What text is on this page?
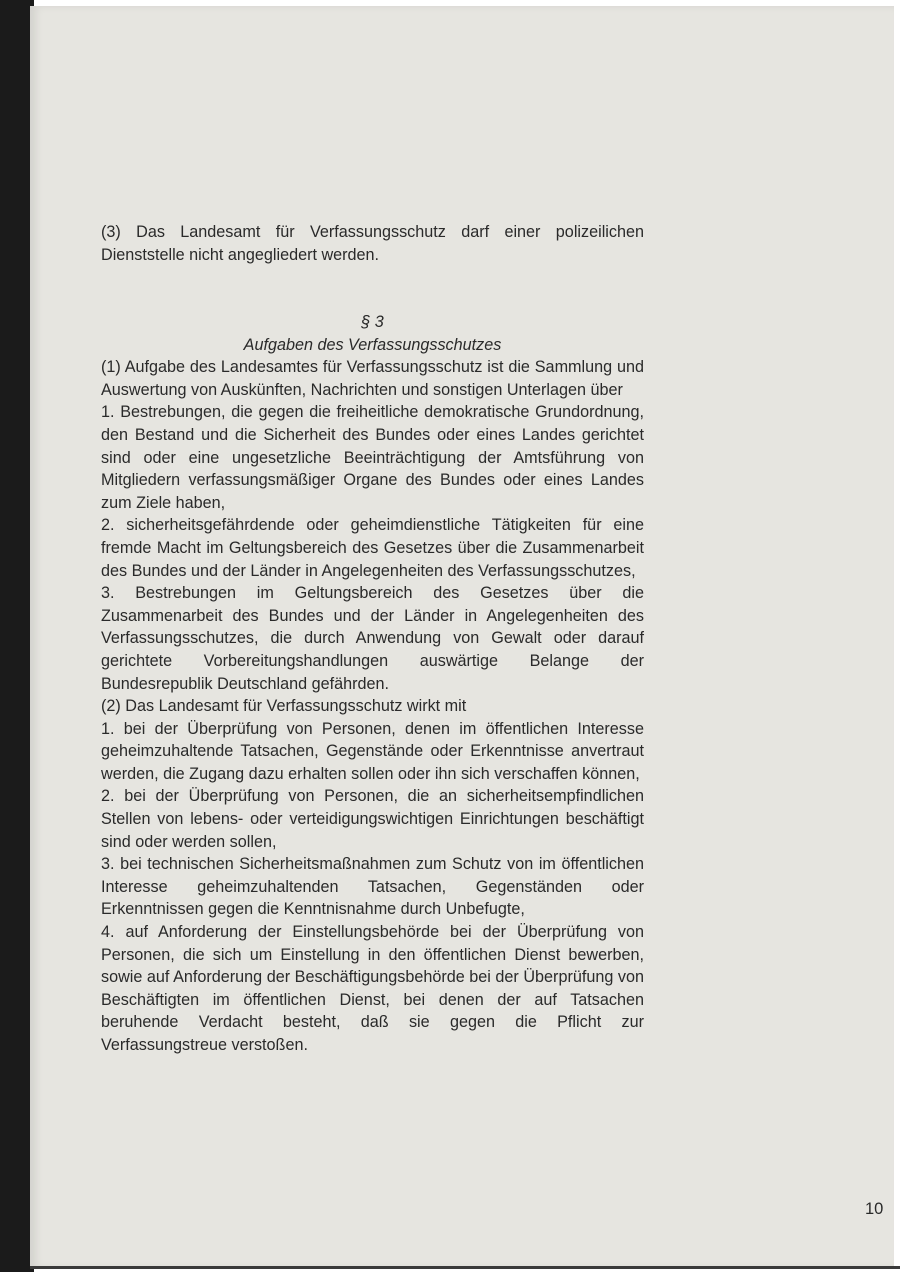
(3) Das Landesamt für Verfassungsschutz darf einer polizeilichen Dienststelle nicht angegliedert werden.

§ 3
Aufgaben des Verfassungsschutzes

(1) Aufgabe des Landesamtes für Verfassungsschutz ist die Sammlung und Auswertung von Auskünften, Nachrichten und sonstigen Unterlagen über

1. Bestrebungen, die gegen die freiheitliche demokratische Grundordnung, den Bestand und die Sicherheit des Bundes oder eines Landes gerichtet sind oder eine ungesetzliche Beeinträchtigung der Amtsführung von Mitgliedern verfassungsmäßiger Organe des Bundes oder eines Landes zum Ziele haben,

2. sicherheitsgefährdende oder geheimdienstliche Tätigkeiten für eine fremde Macht im Geltungsbereich des Gesetzes über die Zusammenarbeit des Bundes und der Länder in Angelegenheiten des Verfassungsschutzes,

3. Bestrebungen im Geltungsbereich des Gesetzes über die Zusammenarbeit des Bundes und der Länder in Angelegenheiten des Verfassungsschutzes, die durch Anwendung von Gewalt oder darauf gerichtete Vorbereitungshandlungen auswärtige Belange der Bundesrepublik Deutschland gefährden.

(2) Das Landesamt für Verfassungsschutz wirkt mit

1. bei der Überprüfung von Personen, denen im öffentlichen Interesse geheimzuhaltende Tatsachen, Gegenstände oder Erkenntnisse anvertraut werden, die Zugang dazu erhalten sollen oder ihn sich verschaffen können,

2. bei der Überprüfung von Personen, die an sicherheitsempfindlichen Stellen von lebens- oder verteidigungswichtigen Einrichtungen beschäftigt sind oder werden sollen,

3. bei technischen Sicherheitsmaßnahmen zum Schutz von im öffentlichen Interesse geheimzuhaltenden Tatsachen, Gegenständen oder Erkenntnissen gegen die Kenntnisnahme durch Unbefugte,

4. auf Anforderung der Einstellungsbehörde bei der Überprüfung von Personen, die sich um Einstellung in den öffentlichen Dienst bewerben, sowie auf Anforderung der Beschäftigungsbehörde bei der Überprüfung von Beschäftigten im öffentlichen Dienst, bei denen der auf Tatsachen beruhende Verdacht besteht, daß sie gegen die Pflicht zur Verfassungstreue verstoßen.

10
